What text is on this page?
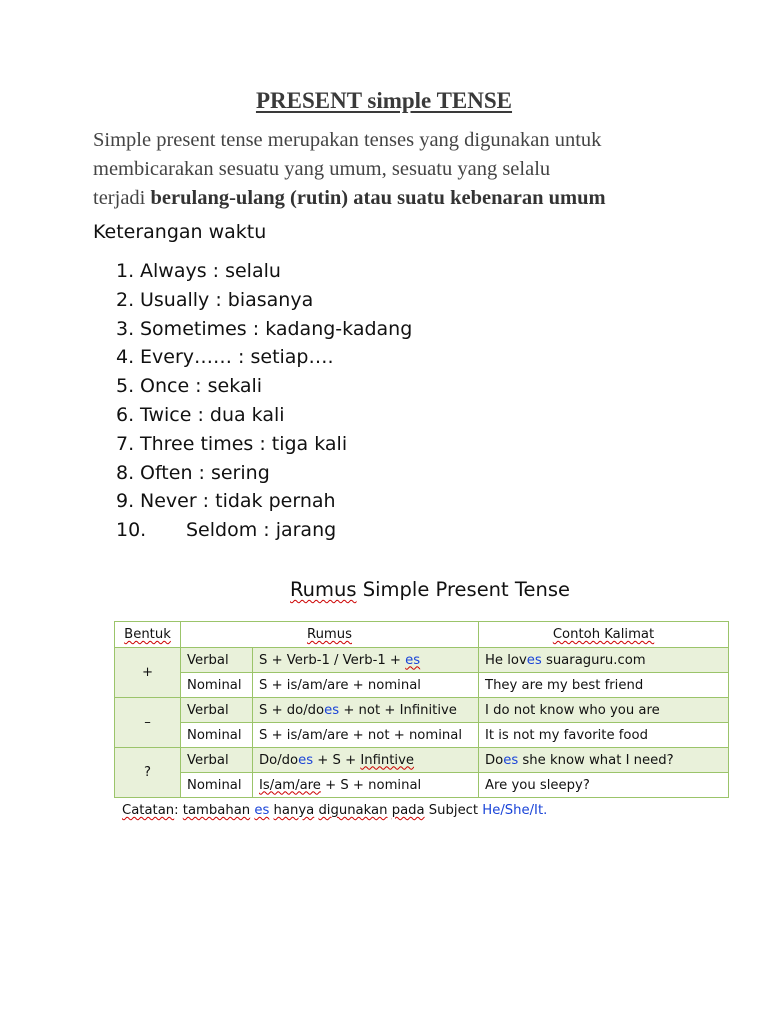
PRESENT simple TENSE
Simple present tense merupakan tenses yang digunakan untuk
membicarakan sesuatu yang umum, sesuatu yang selalu
terjadi berulang-ulang (rutin) atau suatu kebenaran umum
Keterangan waktu
1. Always : selalu
2. Usually : biasanya
3. Sometimes : kadang-kadang
4. Every…… : setiap….
5. Once : sekali
6. Twice : dua kali
7. Three times : tiga kali
8. Often : sering
9. Never : tidak pernah
10. Seldom : jarang
Rumus Simple Present Tense
Bentuk	Rumus		Contoh Kalimat
+	Verbal	S + Verb-1 / Verb-1 + es	He loves suaraguru.com
	Nominal	S + is/am/are + nominal	They are my best friend
–	Verbal	S + do/does + not + Infinitive	I do not know who you are
	Nominal	S + is/am/are + not + nominal	It is not my favorite food
?	Verbal	Do/does + S + Infintive	Does she know what I need?
	Nominal	Is/am/are + S + nominal	Are you sleepy?
Catatan: tambahan es hanya digunakan pada Subject He/She/It.
